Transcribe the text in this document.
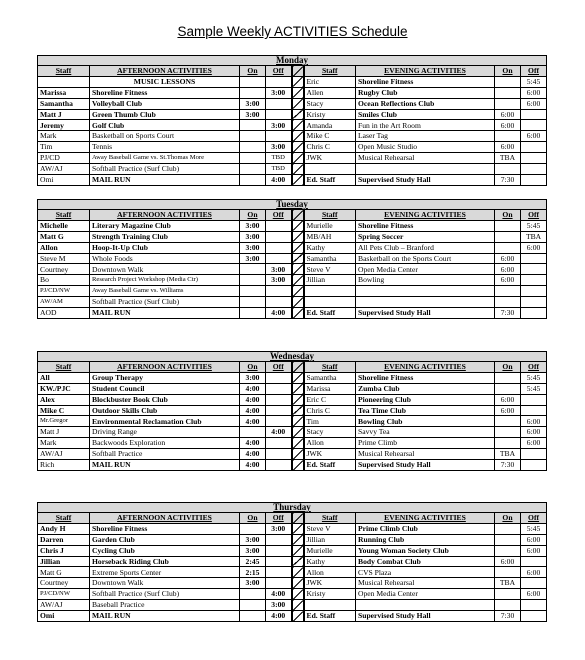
Sample Weekly ACTIVITIES Schedule
Monday								
Staff	AFTERNOON ACTIVITIES	On	Off		Staff	EVENING ACTIVITIES	On	Off
	MUSIC LESSONS				Eric	Shoreline Fitness		5:45
Marissa	Shoreline Fitness		3:00		Allen	Rugby Club		6:00
Samantha	Volleyball Club	3:00			Stacy	Ocean Reflections Club		6:00
Matt J	Green Thumb Club	3:00			Kristy	Smiles Club	6:00	
Jeremy	Golf Club		3:00		Amanda	Fun in the Art Room	6:00	
Mark	Basketball on Sports Court				Mike C	Laser Tag		6:00
Tim	Tennis		3:00		Chris C	Open Music Studio	6:00	
PJ/CD	Away Baseball Game vs. St.Thomas More		TBD		JWK	Musical Rehearsal	TBA	
AW/AJ	Softball Practice (Surf Club)		TBD					
Omi	MAIL RUN		4:00		Ed. Staff	Supervised Study Hall	7:30	
Tuesday								
Staff	AFTERNOON ACTIVITIES	On	Off		Staff	EVENING ACTIVITIES	On	Off
Michelle	Literary Magazine Club	3:00			Murielle	Shoreline Fitness		5:45
Matt G	Strength Training Club	3:00			MB/AH	Spring Soccer		TBA
Allon	Hoop-It-Up Club	3:00			Kathy	All Pets Club – Branford		6:00
Steve M	Whole Foods	3:00			Samantha	Basketball on the Sports Court	6:00	
Courtney	Downtown Walk		3:00		Steve V	Open Media Center	6:00	
Bo	Research Project Workshop (Media Ctr)		3:00		Jillian	Bowling	6:00	
PJ/CD/NW	Away Baseball Game vs. Williams							
AW/AM	Softball Practice (Surf Club)							
AOD	MAIL RUN		4:00		Ed. Staff	Supervised Study Hall	7:30	
Wednesday								
Staff	AFTERNOON ACTIVITIES	On	Off		Staff	EVENING ACTIVITIES	On	Off
All	Group Therapy	3:00			Samantha	Shoreline Fitness		5:45
KW./PJC	Student Council	4:00			Marissa	Zumba Club		5:45
Alex	Blockbuster Book Club	4:00			Eric C	Pioneering Club	6:00	
Mike C	Outdoor Skills Club	4:00			Chris C	Tea Time Club	6:00	
Mr.Gregor	Environmental Reclamation Club	4:00			Tim	Bowling Club		6:00
Matt J	Driving Range		4:00		Stacy	Savvy Tea		6:00
Mark	Backwoods Exploration	4:00			Allon	Prime Climb		6:00
AW/AJ	Softball Practice	4:00			JWK	Musical Rehearsal	TBA	
Rich	MAIL RUN	4:00			Ed. Staff	Supervised Study Hall	7:30	
Thursday								
Staff	AFTERNOON ACTIVITIES	On	Off		Staff	EVENING ACTIVITIES	On	Off
Andy H	Shoreline Fitness		3:00		Steve V	Prime Climb Club		5:45
Darren	Garden Club	3:00			Jillian	Running Club		6:00
Chris J	Cycling Club	3:00			Murielle	Young Woman Society Club		6:00
Jillian	Horseback Riding Club	2:45			Kathy	Body Combat Club	6:00	
Matt G	Extreme Sports Center	2:15			Allon	CVS Plaza		6:00
Courtney	Downtown Walk	3:00			JWK	Musical Rehearsal	TBA	
PJ/CD/NW	Softball Practice (Surf Club)		4:00		Kristy	Open Media Center		6:00
AW/AJ	Baseball Practice		3:00					
Omi	MAIL RUN		4:00		Ed. Staff	Supervised Study Hall	7:30	
